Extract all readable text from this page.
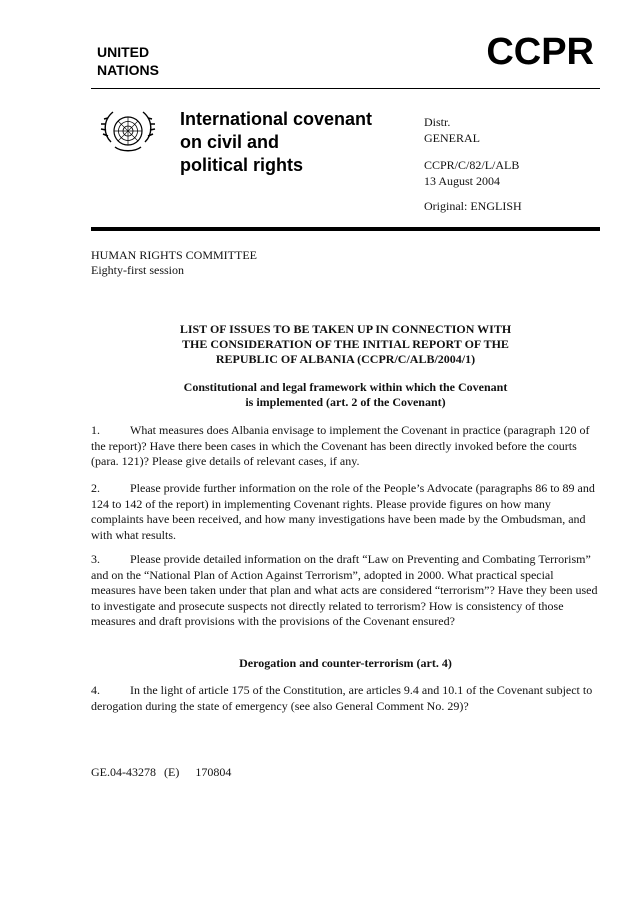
UNITED
NATIONS	CCPR
International covenant
on civil and
political rights
Distr.
GENERAL
CCPR/C/82/L/ALB
13 August 2004
Original: ENGLISH
HUMAN RIGHTS COMMITTEE
Eighty-first session
LIST OF ISSUES TO BE TAKEN UP IN CONNECTION WITH
THE CONSIDERATION OF THE INITIAL REPORT OF THE
REPUBLIC OF ALBANIA (CCPR/C/ALB/2004/1)
Constitutional and legal framework within which the Covenant
is implemented (art. 2 of the Covenant)
1.	What measures does Albania envisage to implement the Covenant in practice (paragraph 120 of the report)? Have there been cases in which the Covenant has been directly invoked before the courts (para. 121)? Please give details of relevant cases, if any.
2.	Please provide further information on the role of the People’s Advocate (paragraphs 86 to 89 and 124 to 142 of the report) in implementing Covenant rights. Please provide figures on how many complaints have been received, and how many investigations have been made by the Ombudsman, and with what results.
3.	Please provide detailed information on the draft “Law on Preventing and Combating Terrorism” and on the “National Plan of Action Against Terrorism”, adopted in 2000. What practical special measures have been taken under that plan and what acts are considered “terrorism”? Have they been used to investigate and prosecute suspects not directly related to terrorism? How is consistency of those measures and draft provisions with the provisions of the Covenant ensured?
Derogation and counter-terrorism (art. 4)
4.	In the light of article 175 of the Constitution, are articles 9.4 and 10.1 of the Covenant subject to derogation during the state of emergency (see also General Comment No. 29)?
GE.04-43278  (E)    170804
